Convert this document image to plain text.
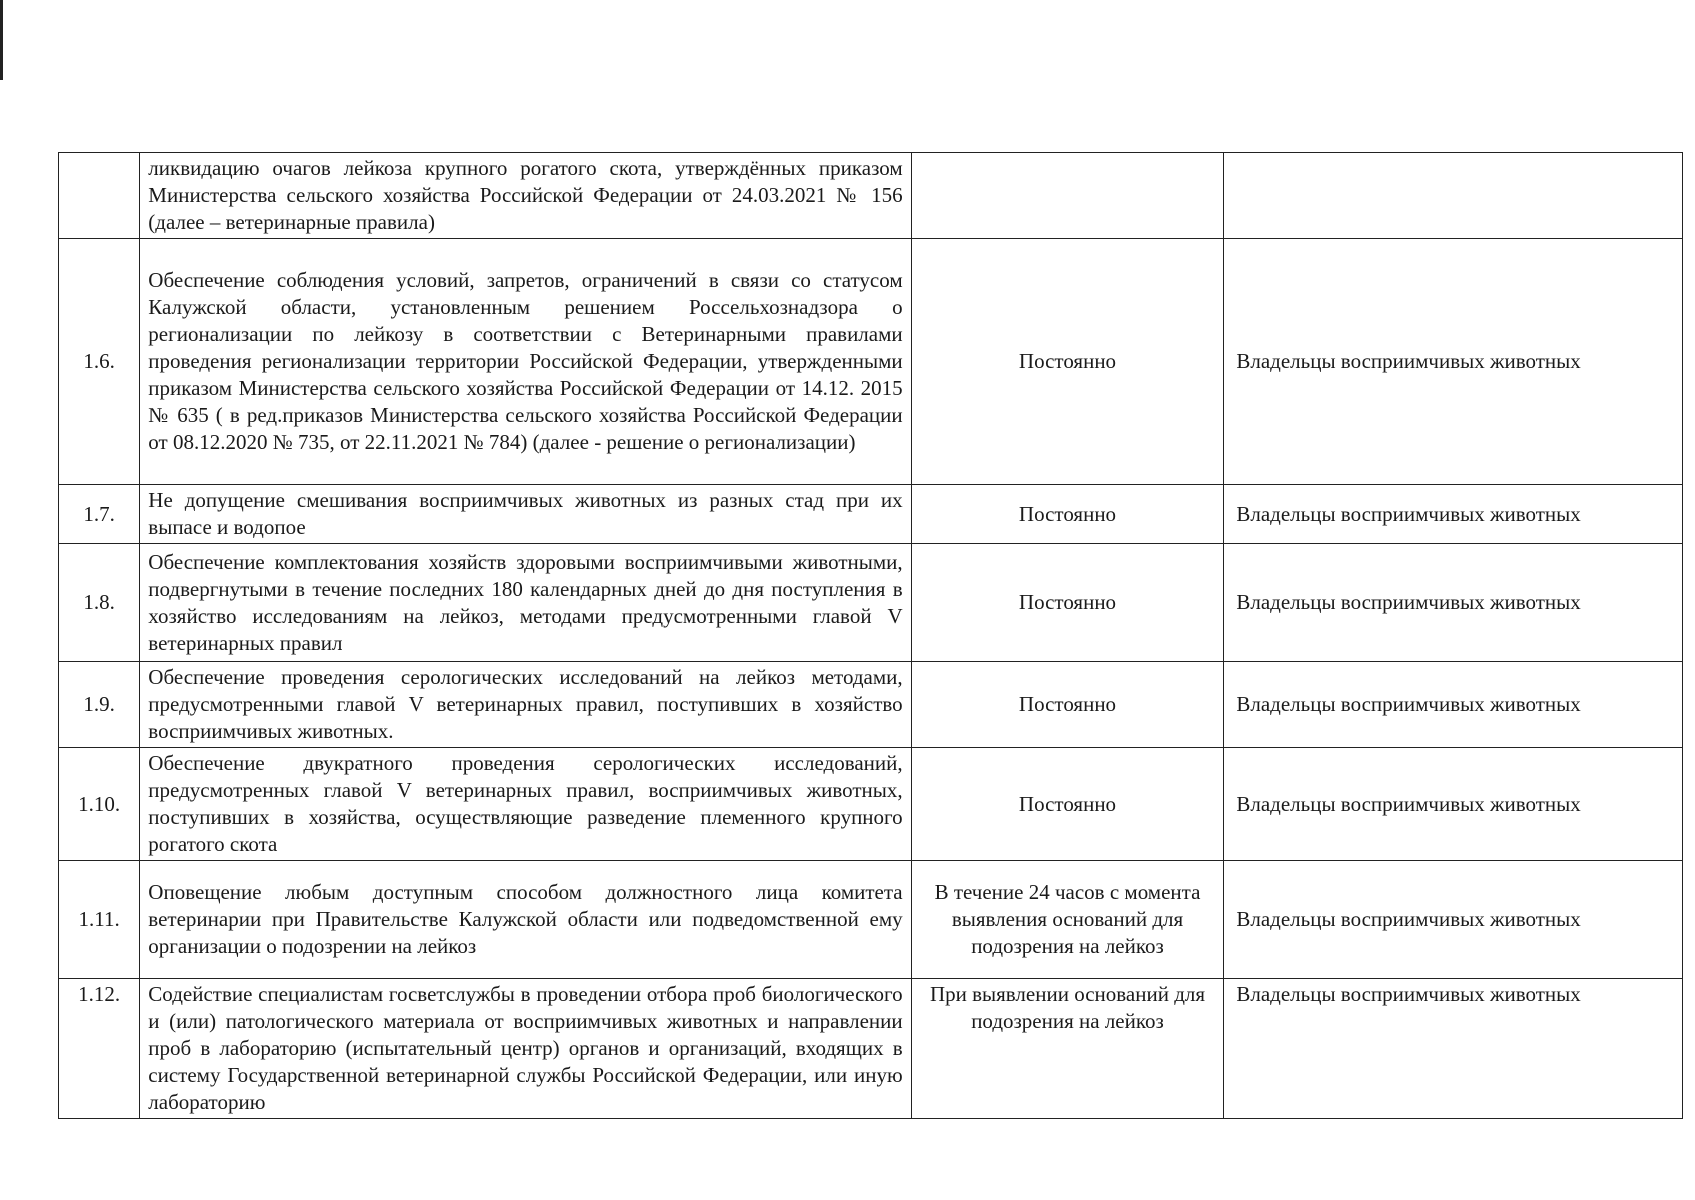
	ликвидацию очагов лейкоза крупного рогатого скота, утверждённых приказом Министерства сельского хозяйства Российской Федерации от 24.03.2021 № 156 (далее – ветеринарные правила)		
1.6.	Обеспечение соблюдения условий, запретов, ограничений в связи со статусом Калужской области, установленным решением Россельхознадзора о регионализации по лейкозу в соответствии с Ветеринарными правилами проведения регионализации территории Российской Федерации, утвержденными приказом Министерства сельского хозяйства Российской Федерации от 14.12. 2015 № 635 ( в ред.приказов Министерства сельского хозяйства Российской Федерации от 08.12.2020 № 735, от 22.11.2021 № 784) (далее - решение о регионализации)	Постоянно	Владельцы восприимчивых животных
1.7.	Не допущение смешивания восприимчивых животных из разных стад при их выпасе и водопое	Постоянно	Владельцы восприимчивых животных
1.8.	Обеспечение комплектования хозяйств здоровыми восприимчивыми животными, подвергнутыми в течение последних 180 календарных дней до дня поступления в хозяйство исследованиям на лейкоз, методами предусмотренными главой V ветеринарных правил	Постоянно	Владельцы восприимчивых животных
1.9.	Обеспечение проведения серологических исследований на лейкоз методами, предусмотренными главой V ветеринарных правил, поступивших в хозяйство восприимчивых животных.	Постоянно	Владельцы восприимчивых животных
1.10.	Обеспечение двукратного проведения серологических исследований, предусмотренных главой V ветеринарных правил, восприимчивых животных, поступивших в хозяйства, осуществляющие разведение племенного крупного рогатого скота	Постоянно	Владельцы восприимчивых животных
1.11.	Оповещение любым доступным способом должностного лица комитета ветеринарии при Правительстве Калужской области или подведомственной ему организации о подозрении на лейкоз	В течение 24 часов с момента выявления оснований для подозрения на лейкоз	Владельцы восприимчивых животных
1.12.	Содействие специалистам госветслужбы в проведении отбора проб биологического и (или) патологического материала от восприимчивых животных и направлении проб в лабораторию (испытательный центр) органов и организаций, входящих в систему Государственной ветеринарной службы Российской Федерации, или иную лабораторию	При выявлении оснований для подозрения на лейкоз	Владельцы восприимчивых животных
